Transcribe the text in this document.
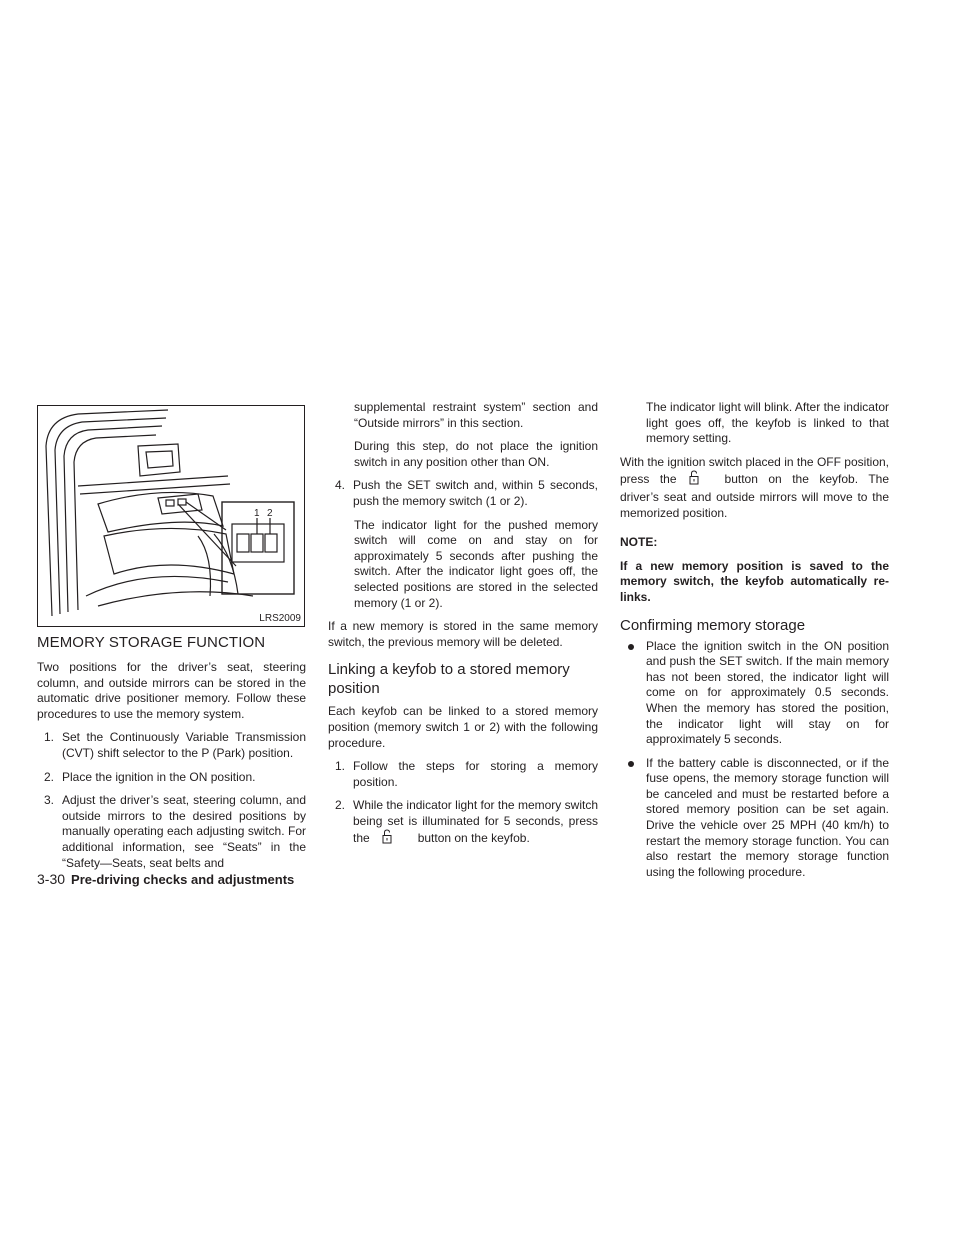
1 2
LRS2009
MEMORY STORAGE FUNCTION

Two positions for the driver’s seat, steering column, and outside mirrors can be stored in the automatic drive positioner memory. Follow these procedures to use the memory system.

1. Set the Continuously Variable Transmission (CVT) shift selector to the P (Park) position.
2. Place the ignition in the ON position.
3. Adjust the driver’s seat, steering column, and outside mirrors to the desired positions by manually operating each adjusting switch. For additional information, see “Seats” in the “Safety—Seats, seat belts and
supplemental restraint system” section and “Outside mirrors” in this section.
During this step, do not place the ignition switch in any position other than ON.
4. Push the SET switch and, within 5 seconds, push the memory switch (1 or 2).
The indicator light for the pushed memory switch will come on and stay on for approximately 5 seconds after pushing the switch. After the indicator light goes off, the selected positions are stored in the selected memory (1 or 2).

If a new memory is stored in the same memory switch, the previous memory will be deleted.

Linking a keyfob to a stored memory position

Each keyfob can be linked to a stored memory position (memory switch 1 or 2) with the following procedure.

1. Follow the steps for storing a memory position.
2. While the indicator light for the memory switch being set is illuminated for 5 seconds, press the	button on the keyfob.
The indicator light will blink. After the indicator light goes off, the keyfob is linked to that memory setting.

With the ignition switch placed in the OFF position, press the	button on the keyfob. The driver’s seat and outside mirrors will move to the memorized position.

NOTE:

If a new memory position is saved to the memory switch, the keyfob automatically re-links.

Confirming memory storage
Place the ignition switch in the ON position and push the SET switch. If the main memory has not been stored, the indicator light will come on for approximately 0.5 seconds. When the memory has stored the position, the indicator light will stay on for approximately 5 seconds.
If the battery cable is disconnected, or if the fuse opens, the memory storage function will be canceled and must be restarted before a stored memory position can be set again. Drive the vehicle over 25 MPH (40 km/h) to restart the memory storage function. You can also restart the memory storage function using the following procedure.
3-30 Pre-driving checks and adjustments
